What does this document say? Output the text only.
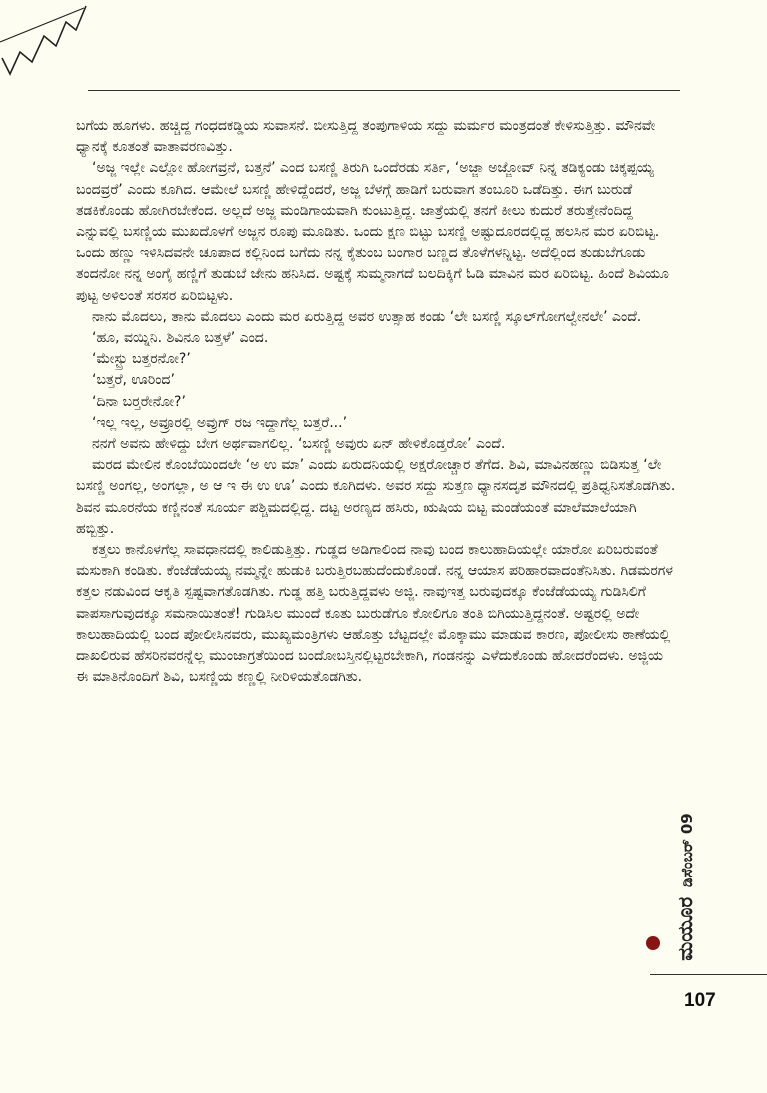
ಬಗೆಯ ಹೂಗಳು. ಹಚ್ಚಿದ್ದ ಗಂಧದಕಡ್ಡಿಯ ಸುವಾಸನೆ. ಬೀಸುತ್ತಿದ್ದ ತಂಪುಗಾಳಿಯ ಸದ್ದು ಮರ್ಮರ ಮಂತ್ರದಂತೆ ಕೇಳಿಸುತ್ತಿತ್ತು. ಮೌನವೇ ಧ್ಯಾನಕ್ಕೆ ಕೂತಂತೆ ವಾತಾವರಣವಿತ್ತು.

‘ಅಜ್ಜ ಇಲ್ಲೇ ಎಲ್ಲೋ ಹೋಗವ್ರನೆ, ಬತ್ತನೆ’ ಎಂದ ಬಸಣ್ಣಿ ತಿರುಗಿ ಒಂದೆರಡು ಸರ್ತಿ, ‘ಅಜ್ಜಾ ಅಜ್ಜೋವ್ ನಿನ್ನ ತಡಿಕ್ಯಂಡು ಚಿಕ್ಕಪ್ಪಯ್ಯ ಬಂದವ್ರರೆ’ ಎಂದು ಕೂಗಿದ. ಆಮೇಲೆ ಬಸಣ್ಣಿ ಹೇಳಿದ್ದೆಂದರೆ, ಅಜ್ಜ ಬೆಳಗ್ಗೆ ಹಾಡಿಗೆ ಬರುವಾಗ ತಂಬೂರಿ ಒಡೆದಿತ್ತು. ಈಗ ಬುರುಡೆ ತಡಕಿಕೊಂಡು ಹೋಗಿರಬೇಕೆಂದ. ಅಲ್ಲದೆ ಅಜ್ಜ ಮಂಡಿಗಾಯವಾಗಿ ಕುಂಟುತ್ತಿದ್ದ. ಜಾತ್ರೆಯಲ್ಲಿ ತನಗೆ ಕೀಲು ಕುದುರೆ ತರುತ್ತೇನೆಂದಿದ್ದ ಎನ್ನುವಲ್ಲಿ ಬಸಣ್ಣಿಯ ಮುಖದೊಳಗೆ ಅಜ್ಜನ ರೂಪು ಮೂಡಿತು. ಒಂದು ಕ್ಷಣ ಬಿಟ್ಟು ಬಸಣ್ಣಿ ಅಷ್ಟುದೂರದಲ್ಲಿದ್ದ ಹಲಸಿನ ಮರ ಏರಿಬಿಟ್ಟ. ಒಂದು ಹಣ್ಣು ಇಳಿಸಿದವನೇ ಚೂಪಾದ ಕಲ್ಲಿನಿಂದ ಬಗೆದು ನನ್ನ ಕೈತುಂಬ ಬಂಗಾರ ಬಣ್ಣದ ತೊಳೆಗಳನ್ನಿಟ್ಟ. ಅದೆಲ್ಲಿಂದ ತುಡುಬೆಗೂಡು ತಂದನೋ ನನ್ನ ಅಂಗೈ ಹಣ್ಣಿಗೆ ತುಡುಬೆ ಜೇನು ಹನಿಸಿದ. ಅಷ್ಟಕ್ಕೆ ಸುಮ್ಮನಾಗದೆ ಬಲದಿಕ್ಕಿಗೆ ಓಡಿ ಮಾವಿನ ಮರ ಏರಿಬಿಟ್ಟ. ಹಿಂದೆ ಶಿವಿಯೂ ಪುಟ್ಟ ಅಳಿಲಂತೆ ಸರಸರ ಏರಿಬಿಟ್ಟಳು.

ನಾನು ಮೊದಲು, ತಾನು ಮೊದಲು ಎಂದು ಮರ ಏರುತ್ತಿದ್ದ ಅವರ ಉತ್ಸಾಹ ಕಂಡು ‘ಲೇ ಬಸಣ್ಣಿ ಸ್ಕೂಲ್‌ಗೋಗಲ್ವೇನಲೇ’ ಎಂದೆ.

‘ಹೂ, ವಯ್ನಿನಿ. ಶಿವಿನೂ ಬತ್ತಳೆ’ ಎಂದ.

‘ಮೇಸ್ಟ್ರು ಬತ್ತರನೋ?’

‘ಬತ್ತರೆ, ಊರಿಂದ’

‘ದಿನಾ ಬರ್‍ತರೇನೋ?’

‘ಇಲ್ಲ ಇಲ್ಲ, ಅವ್ರೂರಲ್ಲಿ ಅವ್ರುಗ್ ರಜ ಇದ್ದಾಗೆಲ್ಲ ಬತ್ತರೆ...’

ನನಗೆ ಅವನು ಹೇಳಿದ್ದು ಬೇಗ ಅರ್ಥವಾಗಲಿಲ್ಲ. ‘ಬಸಣ್ಣಿ ಅವುರು ಏನ್ ಹೇಳಿಕೊಡ್ತರೋ’ ಎಂದೆ.

ಮರದ ಮೇಲಿನ ಕೊಂಬೆಯಿಂದಲೇ ‘ಅ ಉ ಮಾ’ ಎಂದು ಏರುದನಿಯಲ್ಲಿ ಅಕ್ಷರೋಚ್ಚಾರ ತೆಗೆದ. ಶಿವಿ, ಮಾವಿನಹಣ್ಣು ಬಿಡಿಸುತ್ತ ‘ಲೇ ಬಸಣ್ಣಿ ಅಂಗಲ್ಲ, ಅಂಗಲ್ಲಾ, ಅ ಆ ಇ ಈ ಉ ಊ’ ಎಂದು ಕೂಗಿದಳು. ಅವರ ಸದ್ದು ಸುತ್ತಣ ಧ್ಯಾನಸದೃಶ ಮೌನದಲ್ಲಿ ಪ್ರತಿಧ್ವನಿಸತೊಡಗಿತು. ಶಿವನ ಮೂರನೆಯ ಕಣ್ಣಿನಂತೆ ಸೂರ್ಯ ಪಶ್ಚಿಮದಲ್ಲಿದ್ದ. ದಟ್ಟ ಅರಣ್ಯದ ಹಸಿರು, ಋಷಿಯ ಬಿಟ್ಟ ಮಂಡೆಯಂತೆ ಮಾಲೆಮಾಲೆಯಾಗಿ ಹಬ್ಬಿತ್ತು.

ಕತ್ತಲು ಕಾನೊಳಗೆಲ್ಲ ಸಾವಧಾನದಲ್ಲಿ ಕಾಲಿಡುತ್ತಿತ್ತು. ಗುಡ್ಡದ ಅಡಿಗಾಲಿಂದ ನಾವು ಬಂದ ಕಾಲುಹಾದಿಯಲ್ಲೇ ಯಾರೋ ಏರಿಬರುವಂತೆ ಮಸುಕಾಗಿ ಕಂಡಿತು. ಕೆಂಜೆಡೆಯಯ್ಯ ನಮ್ಮನ್ನೇ ಹುಡುಕಿ ಬರುತ್ತಿರಬಹುದೆಂದುಕೊಂಡೆ. ನನ್ನ ಆಯಾಸ ಪರಿಹಾರವಾದಂತೆನಿಸಿತು. ಗಿಡಮರಗಳ ಕತ್ತಲ ನಡುವಿಂದ ಆಕೃತಿ ಸ್ಪಷ್ಟವಾಗತೊಡಗಿತು. ಗುಡ್ಡ ಹತ್ತಿ ಬರುತ್ತಿದ್ದವಳು ಅಜ್ಜಿ. ನಾವುಇತ್ತ ಬರುವುದಕ್ಕೂ ಕೆಂಜೆಡೆಯಯ್ಯ ಗುಡಿಸಿಲಿಗೆ ವಾಪಸಾಗುವುದಕ್ಕೂ ಸಮನಾಯಿತಂತೆ! ಗುಡಿಸಿಲ ಮುಂದೆ ಕೂತು ಬುರುಡೆಗೂ ಕೋಲಿಗೂ ತಂತಿ ಬಿಗಿಯುತ್ತಿದ್ದನಂತೆ. ಅಷ್ಟರಲ್ಲಿ ಅದೇ ಕಾಲುಹಾದಿಯಲ್ಲಿ ಬಂದ ಪೋಲೀಸಿನವರು, ಮುಖ್ಯಮಂತ್ರಿಗಳು ಆಹೊತ್ತು ಬೆಟ್ಟದಲ್ಲೇ ಮೊಕ್ಕಾಮು ಮಾಡುವ ಕಾರಣ, ಪೋಲೀಸು ಠಾಣೆಯಲ್ಲಿ ದಾಖಲಿರುವ ಹೆಸರಿನವರನ್ನೆಲ್ಲ ಮುಂಜಾಗ್ರತೆಯಿಂದ ಬಂದೋಬಸ್ತಿನಲ್ಲಿಟ್ಟರಬೇಕಾಗಿ, ಗಂಡನನ್ನು ಎಳೆದುಕೊಂಡು ಹೋದರೆಂದಳು. ಅಜ್ಜಿಯ ಈ ಮಾತಿನೊಂದಿಗೆ ಶಿವಿ, ಬಸಣ್ಣಿಯ ಕಣ್ಣಲ್ಲಿ ನೀರಿಳಿಯತೊಡಗಿತು.

ಮಯೂರಡಿಸೆಂಬರ್ 09
107
